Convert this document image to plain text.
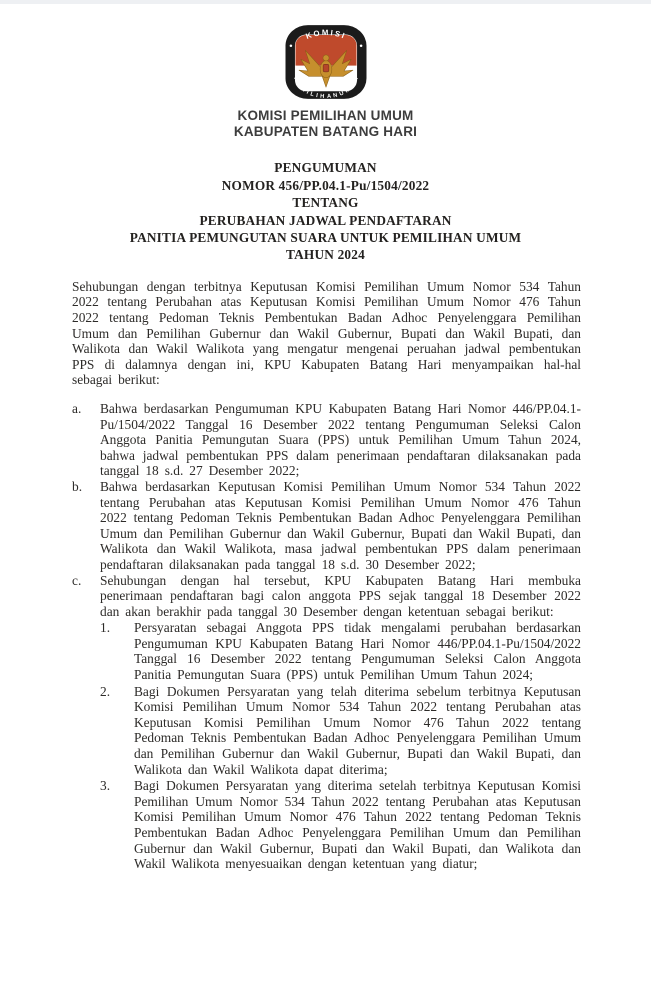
KOMISI
P E M I L I H A N U M U M
KOMISI PEMILIHAN UMUM
KABUPATEN BATANG HARI
PENGUMUMAN
NOMOR 456/PP.04.1-Pu/1504/2022
TENTANG
PERUBAHAN JADWAL PENDAFTARAN
PANITIA PEMUNGUTAN SUARA UNTUK PEMILIHAN UMUM
TAHUN 2024

Sehubungan dengan terbitnya Keputusan Komisi Pemilihan Umum Nomor 534 Tahun 2022 tentang Perubahan atas Keputusan Komisi Pemilihan Umum Nomor 476 Tahun 2022 tentang Pedoman Teknis Pembentukan Badan Adhoc Penyelenggara Pemilihan Umum dan Pemilihan Gubernur dan Wakil Gubernur, Bupati dan Wakil Bupati, dan Walikota dan Wakil Walikota yang mengatur mengenai peruahan jadwal pembentukan PPS di dalamnya dengan ini, KPU Kabupaten Batang Hari menyampaikan hal-hal sebagai berikut:

a.	Bahwa berdasarkan Pengumuman KPU Kabupaten Batang Hari Nomor 446/PP.04.1-Pu/1504/2022 Tanggal 16 Desember 2022 tentang Pengumuman Seleksi Calon Anggota Panitia Pemungutan Suara (PPS) untuk Pemilihan Umum Tahun 2024, bahwa jadwal pembentukan PPS dalam penerimaan pendaftaran dilaksanakan pada tanggal 18 s.d. 27 Desember 2022;
b.	Bahwa berdasarkan Keputusan Komisi Pemilihan Umum Nomor 534 Tahun 2022 tentang Perubahan atas Keputusan Komisi Pemilihan Umum Nomor 476 Tahun 2022 tentang Pedoman Teknis Pembentukan Badan Adhoc Penyelenggara Pemilihan Umum dan Pemilihan Gubernur dan Wakil Gubernur, Bupati dan Wakil Bupati, dan Walikota dan Wakil Walikota, masa jadwal pembentukan PPS dalam penerimaan pendaftaran dilaksanakan pada tanggal 18 s.d. 30 Desember 2022;
c.	Sehubungan dengan hal tersebut, KPU Kabupaten Batang Hari membuka penerimaan pendaftaran bagi calon anggota PPS sejak tanggal 18 Desember 2022 dan akan berakhir pada tanggal 30 Desember dengan ketentuan sebagai berikut:
1.	Persyaratan sebagai Anggota PPS tidak mengalami perubahan berdasarkan Pengumuman KPU Kabupaten Batang Hari Nomor 446/PP.04.1-Pu/1504/2022 Tanggal 16 Desember 2022 tentang Pengumuman Seleksi Calon Anggota Panitia Pemungutan Suara (PPS) untuk Pemilihan Umum Tahun 2024;
2.	Bagi Dokumen Persyaratan yang telah diterima sebelum terbitnya Keputusan Komisi Pemilihan Umum Nomor 534 Tahun 2022 tentang Perubahan atas Keputusan Komisi Pemilihan Umum Nomor 476 Tahun 2022 tentang Pedoman Teknis Pembentukan Badan Adhoc Penyelenggara Pemilihan Umum dan Pemilihan Gubernur dan Wakil Gubernur, Bupati dan Wakil Bupati, dan Walikota dan Wakil Walikota dapat diterima;
3.	Bagi Dokumen Persyaratan yang diterima setelah terbitnya Keputusan Komisi Pemilihan Umum Nomor 534 Tahun 2022 tentang Perubahan atas Keputusan Komisi Pemilihan Umum Nomor 476 Tahun 2022 tentang Pedoman Teknis Pembentukan Badan Adhoc Penyelenggara Pemilihan Umum dan Pemilihan Gubernur dan Wakil Gubernur, Bupati dan Wakil Bupati, dan Walikota dan Wakil Walikota menyesuaikan dengan ketentuan yang diatur;
